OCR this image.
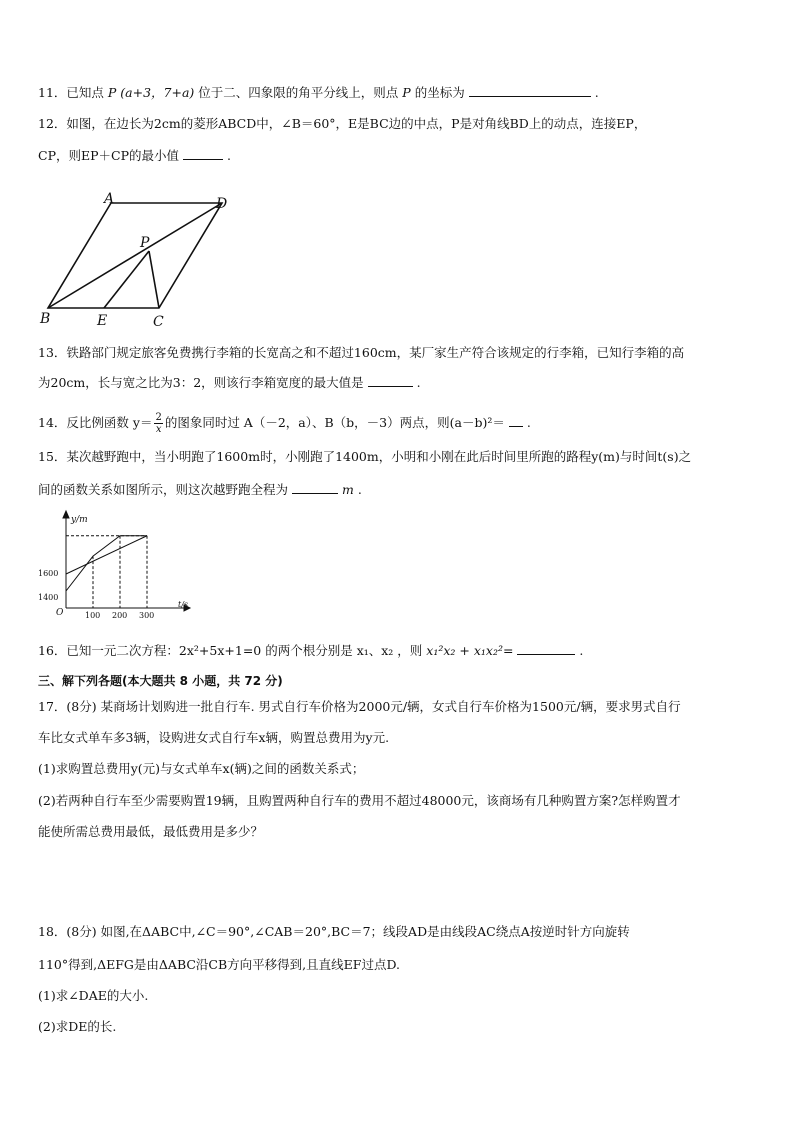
11．已知点 P (a+3，7+a) 位于二、四象限的角平分线上，则点 P 的坐标为	.
12．如图，在边长为2cm的菱形ABCD中，∠B＝60°，E是BC边的中点，P是对角线BD上的动点，连接EP，
CP，则EP＋CP的最小值	.
A	D
P
B	E	C
13．铁路部门规定旅客免费携行李箱的长宽高之和不超过160cm，某厂家生产符合该规定的行李箱，已知行李箱的高
为20cm，长与宽之比为3：2，则该行李箱宽度的最大值是	.
14．反比例函数 $y= \frac{2}{x}$ 的图象同时过 A（－2，a）、B（b，－3）两点，则(a－b)²＝ .
15．某次越野跑中，当小明跑了1600m时，小刚跑了1400m，小明和小刚在此后时间里所跑的路程y(m)与时间t(s)之
间的函数关系如图所示，则这次越野跑全程为	m .
100 200 300
1600
1400
y/m
t/s
O
16．已知一元二次方程：2x²+5x+1=0 的两个根分别是 x₁、x₂ ，则 x₁²x₂ + x₁x₂²=	.
三、解下列各题(本大题共 8 小题，共 72 分)
17．(8分) 某商场计划购进一批自行车. 男式自行车价格为2000元/辆，女式自行车价格为1500元/辆，要求男式自行
车比女式单车多3辆，设购进女式自行车x辆，购置总费用为y元.
(1)求购置总费用y(元)与女式单车x(辆)之间的函数关系式；
(2)若两种自行车至少需要购置19辆，且购置两种自行车的费用不超过48000元，该商场有几种购置方案?怎样购置才
能使所需总费用最低，最低费用是多少？
18．(8分) 如图,在ΔABC中,∠C＝90°,∠CAB＝20°,BC＝7；线段AD是由线段AC绕点A按逆时针方向旋转
110°得到,ΔEFG是由ΔABC沿CB方向平移得到,且直线EF过点D.
(1)求∠DAE的大小.
(2)求DE的长.
